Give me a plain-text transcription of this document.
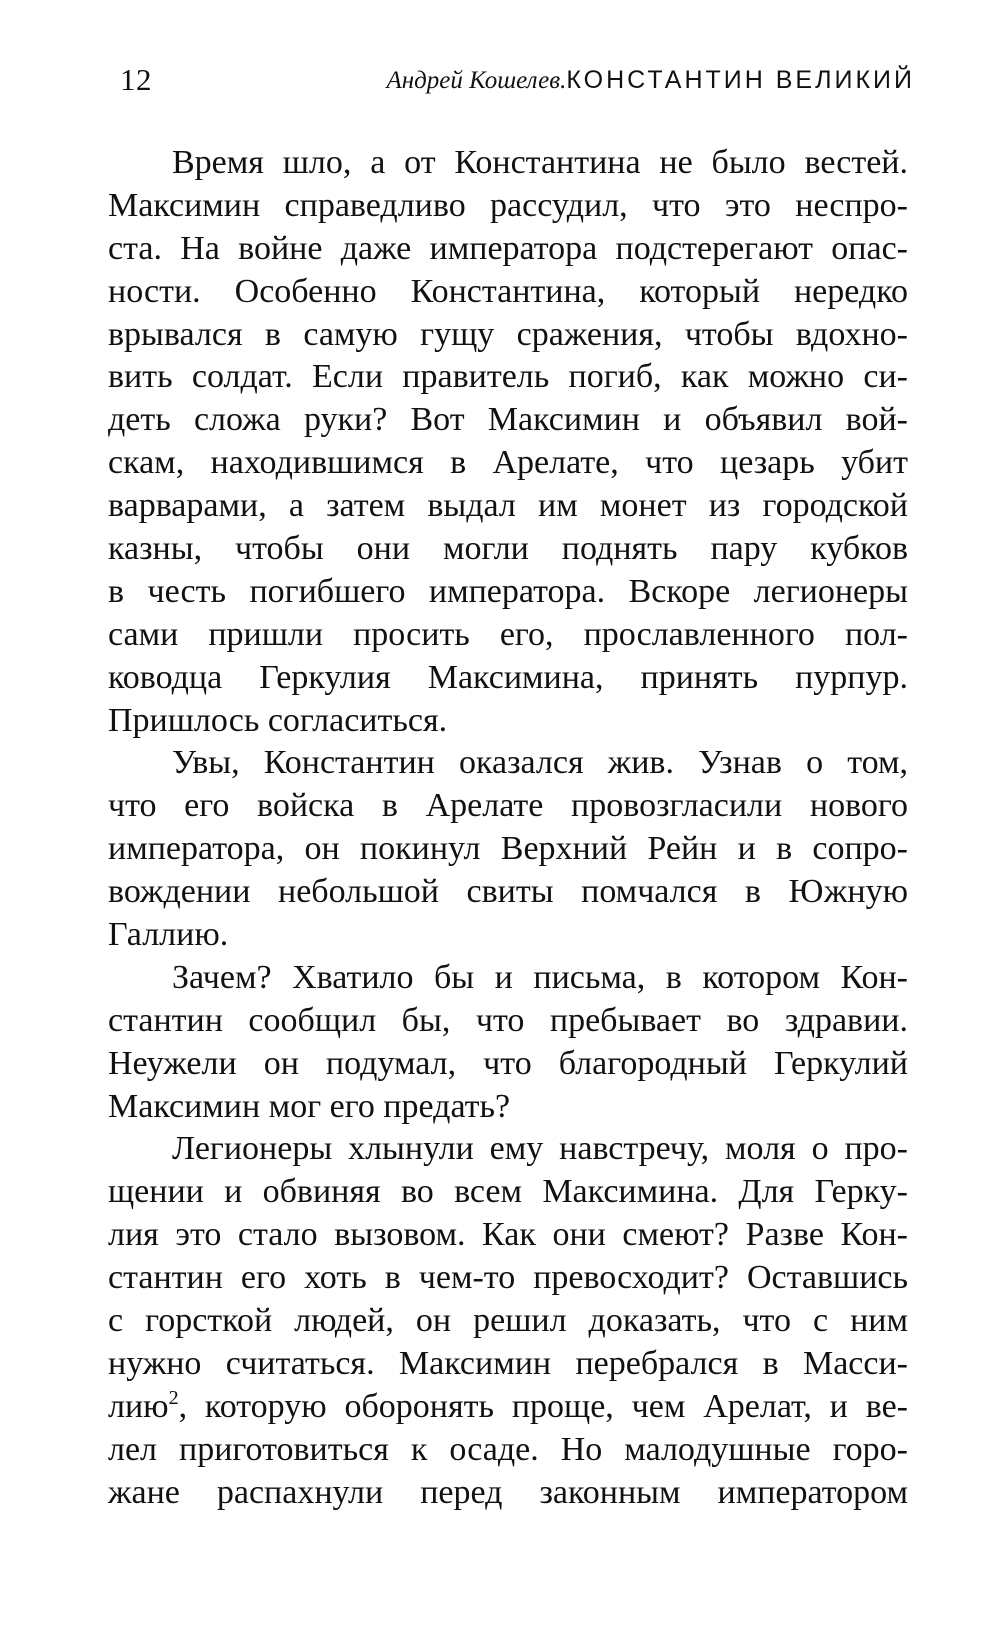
12	Андрей Кошелев.КОНСТАНТИН ВЕЛИКИЙ
Время шло, а от Константина не было вестей.
Максимин справедливо рассудил, что это неспро-
ста. На войне даже императора подстерегают опас-
ности. Особенно Константина, который нередко
врывался в самую гущу сражения, чтобы вдохно-
вить солдат. Если правитель погиб, как можно си-
деть сложа руки? Вот Максимин и объявил вой-
скам, находившимся в Арелате, что цезарь убит
варварами, а затем выдал им монет из городской
казны, чтобы они могли поднять пару кубков
в честь погибшего императора. Вскоре легионеры
сами пришли просить его, прославленного пол-
ководца Геркулия Максимина, принять пурпур.
Пришлось согласиться.
Увы, Константин оказался жив. Узнав о том,
что его войска в Арелате провозгласили нового
императора, он покинул Верхний Рейн и в сопро-
вождении небольшой свиты помчался в Южную
Галлию.
Зачем? Хватило бы и письма, в котором Кон-
стантин сообщил бы, что пребывает во здравии.
Неужели он подумал, что благородный Геркулий
Максимин мог его предать?
Легионеры хлынули ему навстречу, моля о про-
щении и обвиняя во всем Максимина. Для Герку-
лия это стало вызовом. Как они смеют? Разве Кон-
стантин его хоть в чем-то превосходит? Оставшись
с горсткой людей, он решил доказать, что с ним
нужно считаться. Максимин перебрался в Масси-
лию$^2$, которую оборонять проще, чем Арелат, и ве-
лел приготовиться к осаде. Но малодушные горо-
жане распахнули перед законным императором
